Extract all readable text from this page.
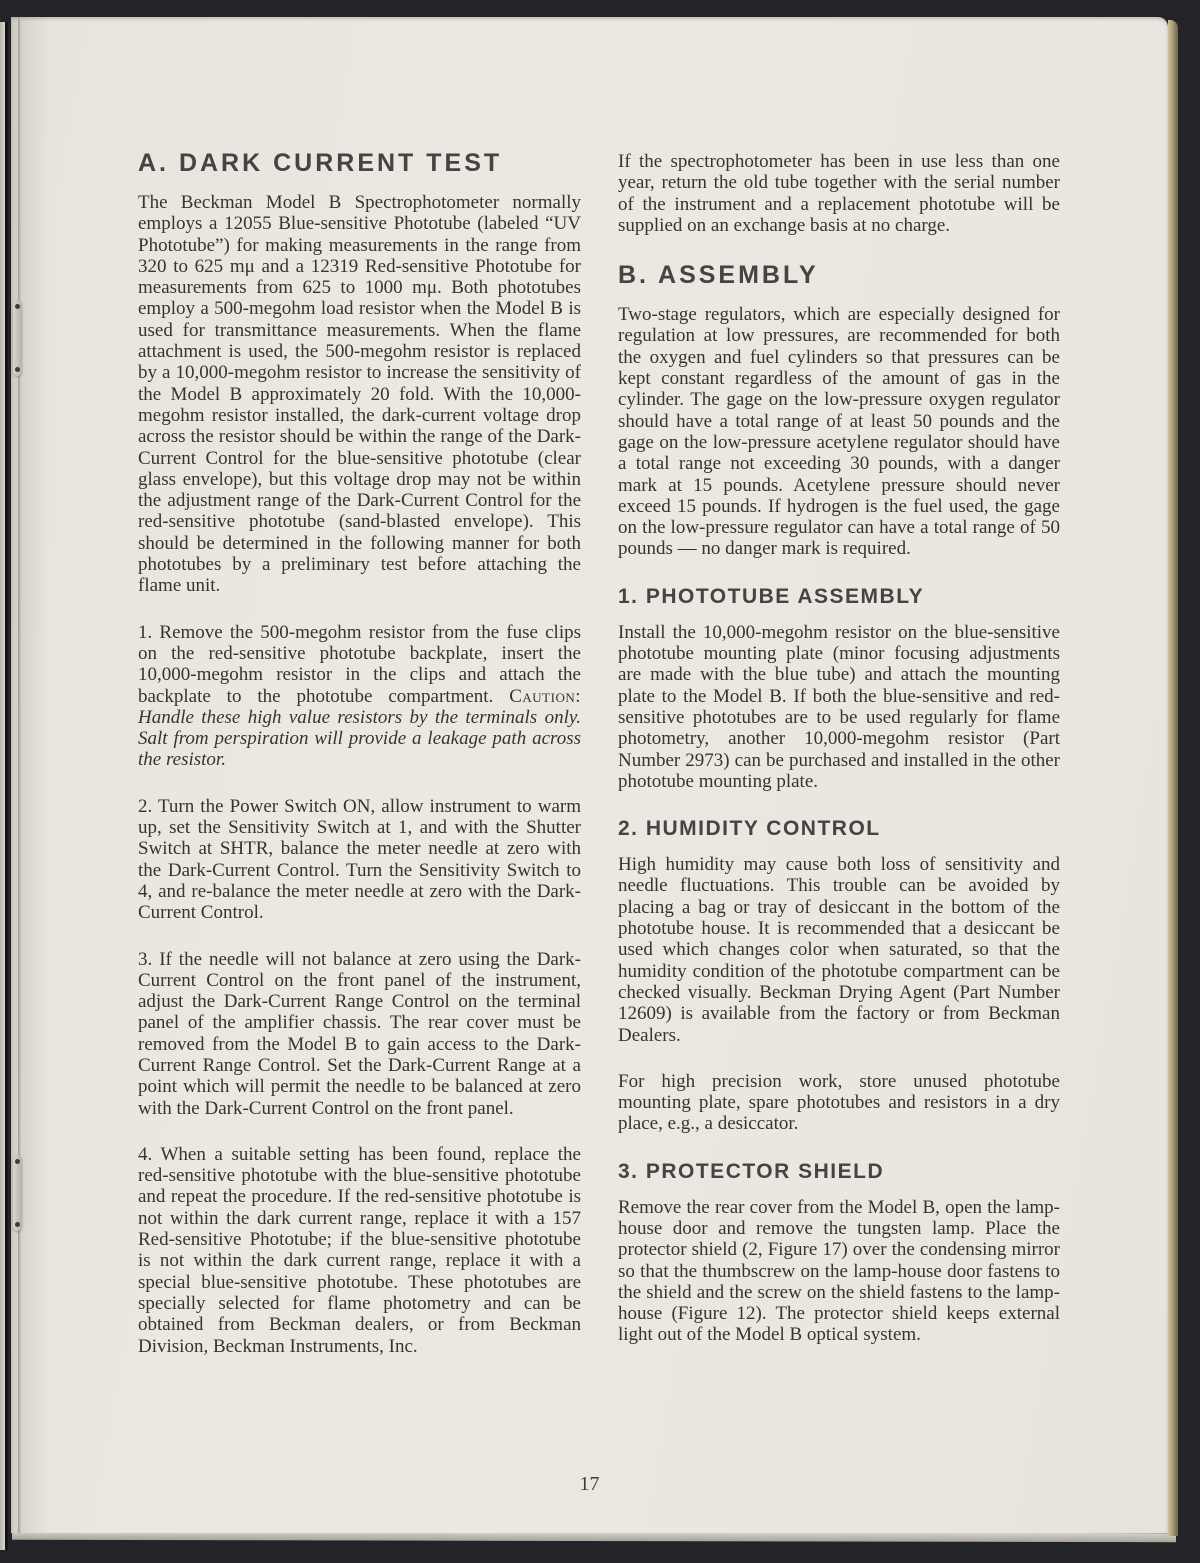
A. DARK CURRENT TEST

The Beckman Model B Spectrophotometer normally employs a 12055 Blue-sensitive Phototube (labeled “UV Phototube”) for making measurements in the range from 320 to 625 mμ and a 12319 Red-sensitive Phototube for measurements from 625 to 1000 mμ. Both phototubes employ a 500-megohm load resistor when the Model B is used for transmittance measurements. When the flame attachment is used, the 500-megohm resistor is replaced by a 10,000-megohm resistor to increase the sensitivity of the Model B approximately 20 fold. With the 10,000-megohm resistor installed, the dark-current voltage drop across the resistor should be within the range of the Dark-Current Control for the blue-sensitive phototube (clear glass envelope), but this voltage drop may not be within the adjustment range of the Dark-Current Control for the red-sensitive phototube (sand-blasted envelope). This should be determined in the following manner for both phototubes by a preliminary test before attaching the flame unit.

1. Remove the 500-megohm resistor from the fuse clips on the red-sensitive phototube backplate, insert the 10,000-megohm resistor in the clips and attach the backplate to the phototube compartment. Caution: Handle these high value resistors by the terminals only. Salt from perspiration will provide a leakage path across the resistor.

2. Turn the Power Switch ON, allow instrument to warm up, set the Sensitivity Switch at 1, and with the Shutter Switch at SHTR, balance the meter needle at zero with the Dark-Current Control. Turn the Sensitivity Switch to 4, and re-balance the meter needle at zero with the Dark-Current Control.

3. If the needle will not balance at zero using the Dark-Current Control on the front panel of the instrument, adjust the Dark-Current Range Control on the terminal panel of the amplifier chassis. The rear cover must be removed from the Model B to gain access to the Dark-Current Range Control. Set the Dark-Current Range at a point which will permit the needle to be balanced at zero with the Dark-Current Control on the front panel.

4. When a suitable setting has been found, replace the red-sensitive phototube with the blue-sensitive phototube and repeat the procedure. If the red-sensitive phototube is not within the dark current range, replace it with a 157 Red-sensitive Phototube; if the blue-sensitive phototube is not within the dark current range, replace it with a special blue-sensitive phototube. These phototubes are specially selected for flame photometry and can be obtained from Beckman dealers, or from Beckman Division, Beckman Instruments, Inc.

If the spectrophotometer has been in use less than one year, return the old tube together with the serial number of the instrument and a replacement phototube will be supplied on an exchange basis at no charge.

B. ASSEMBLY

Two-stage regulators, which are especially designed for regulation at low pressures, are recommended for both the oxygen and fuel cylinders so that pressures can be kept constant regardless of the amount of gas in the cylinder. The gage on the low-pressure oxygen regulator should have a total range of at least 50 pounds and the gage on the low-pressure acetylene regulator should have a total range not exceeding 30 pounds, with a danger mark at 15 pounds. Acetylene pressure should never exceed 15 pounds. If hydrogen is the fuel used, the gage on the low-pressure regulator can have a total range of 50 pounds — no danger mark is required.

1. PHOTOTUBE ASSEMBLY

Install the 10,000-megohm resistor on the blue-sensitive phototube mounting plate (minor focusing adjustments are made with the blue tube) and attach the mounting plate to the Model B. If both the blue-sensitive and red-sensitive phototubes are to be used regularly for flame photometry, another 10,000-megohm resistor (Part Number 2973) can be purchased and installed in the other phototube mounting plate.

2. HUMIDITY CONTROL

High humidity may cause both loss of sensitivity and needle fluctuations. This trouble can be avoided by placing a bag or tray of desiccant in the bottom of the phototube house. It is recommended that a desiccant be used which changes color when saturated, so that the humidity condition of the phototube compartment can be checked visually. Beckman Drying Agent (Part Number 12609) is available from the factory or from Beckman Dealers.

For high precision work, store unused phototube mounting plate, spare phototubes and resistors in a dry place, e.g., a desiccator.

3. PROTECTOR SHIELD

Remove the rear cover from the Model B, open the lamp-house door and remove the tungsten lamp. Place the protector shield (2, Figure 17) over the condensing mirror so that the thumbscrew on the lamp-house door fastens to the shield and the screw on the shield fastens to the lamp-house (Figure 12). The protector shield keeps external light out of the Model B optical system.

17
